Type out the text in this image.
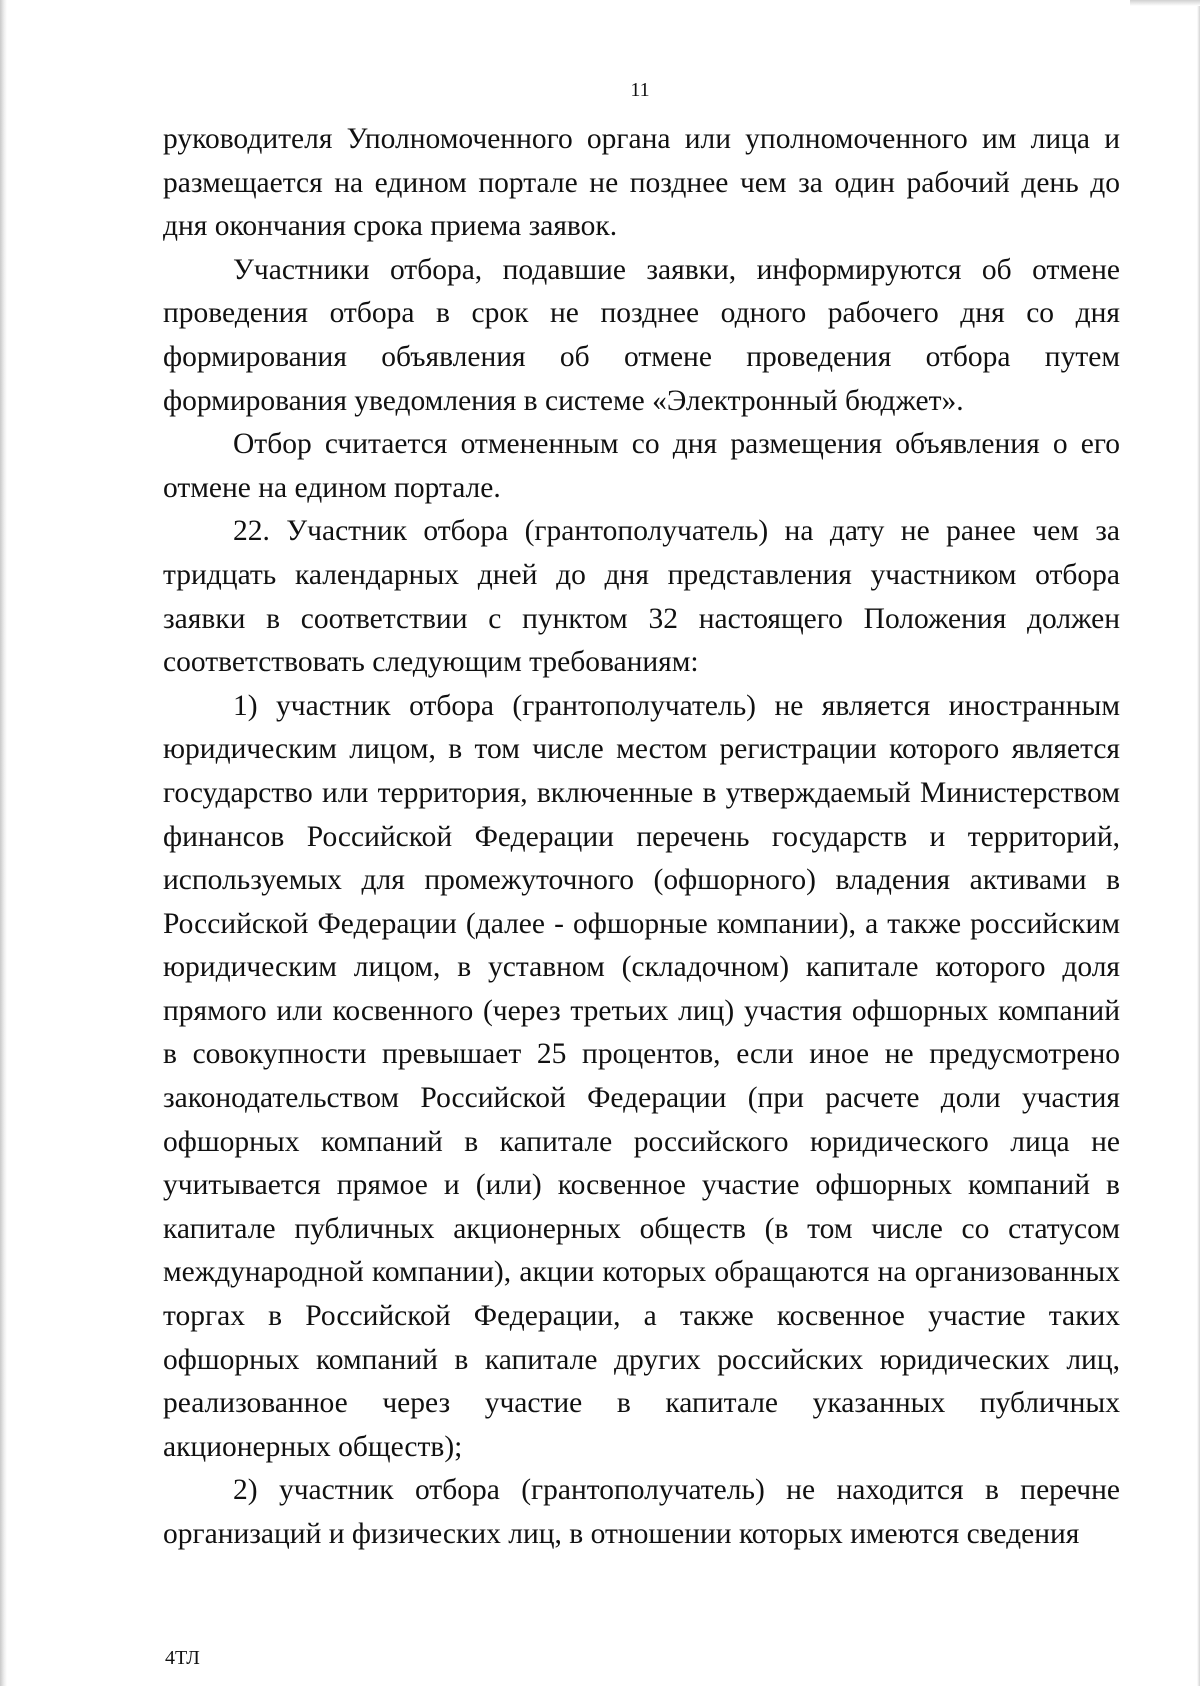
11

руководителя Уполномоченного органа или уполномоченного им лица и размещается на едином портале не позднее чем за один рабочий день до дня окончания срока приема заявок.

Участники отбора, подавшие заявки, информируются об отмене проведения отбора в срок не позднее одного рабочего дня со дня формирования объявления об отмене проведения отбора путем формирования уведомления в системе «Электронный бюджет».

Отбор считается отмененным со дня размещения объявления о его отмене на едином портале.

22. Участник отбора (грантополучатель) на дату не ранее чем за тридцать календарных дней до дня представления участником отбора заявки в соответствии с пунктом 32 настоящего Положения должен соответствовать следующим требованиям:

1) участник отбора (грантополучатель) не является иностранным юридическим лицом, в том числе местом регистрации которого является государство или территория, включенные в утверждаемый Министерством финансов Российской Федерации перечень государств и территорий, используемых для промежуточного (офшорного) владения активами в Российской Федерации (далее - офшорные компании), а также российским юридическим лицом, в уставном (складочном) капитале которого доля прямого или косвенного (через третьих лиц) участия офшорных компаний в совокупности превышает 25 процентов, если иное не предусмотрено законодательством Российской Федерации (при расчете доли участия офшорных компаний в капитале российского юридического лица не учитывается прямое и (или) косвенное участие офшорных компаний в капитале публичных акционерных обществ (в том числе со статусом международной компании), акции которых обращаются на организованных торгах в Российской Федерации, а также косвенное участие таких офшорных компаний в капитале других российских юридических лиц, реализованное через участие в капитале указанных публичных акционерных обществ);

2) участник отбора (грантополучатель) не находится в перечне организаций и физических лиц, в отношении которых имеются сведения

4ТЛ
